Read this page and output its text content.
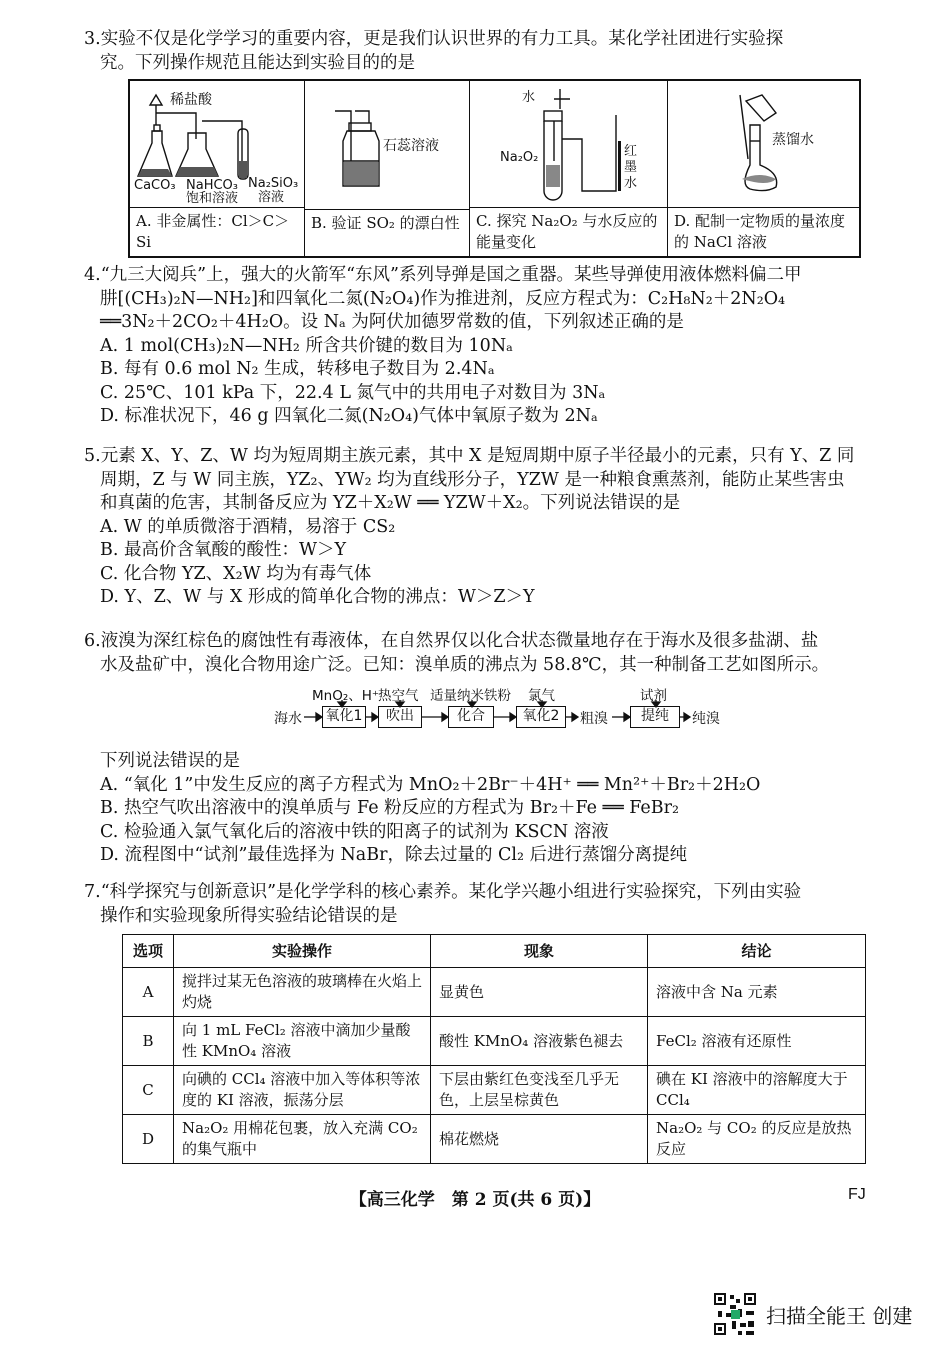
3.实验不仅是化学学习的重要内容，更是我们认识世界的有力工具。某化学社团进行实验探
究。下列操作规范且能达到实验目的的是
稀盐酸
CaCO₃ NaHCO₃
饱和溶液
Na₂SiO₃
溶液
A. 非金属性：Cl＞C＞Si
石蕊溶液
B. 验证 SO₂ 的漂白性
水
Na₂O₂	红
墨
水
C. 探究 Na₂O₂ 与水反应的能量变化
蒸馏水
D. 配制一定物质的量浓度的 NaCl 溶液
4.“九三大阅兵”上，强大的火箭军“东风”系列导弹是国之重器。某些导弹使用液体燃料偏二甲
肼[(CH₃)₂N—NH₂]和四氧化二氮(N₂O₄)作为推进剂，反应方程式为：C₂H₈N₂＋2N₂O₄
══3N₂＋2CO₂＋4H₂O。设 Nₐ 为阿伏加德罗常数的值，下列叙述正确的是
A. 1 mol(CH₃)₂N—NH₂ 所含共价键的数目为 10Nₐ
B. 每有 0.6 mol N₂ 生成，转移电子数目为 2.4Nₐ
C. 25℃、101 kPa 下，22.4 L 氮气中的共用电子对数目为 3Nₐ
D. 标准状况下，46 g 四氧化二氮(N₂O₄)气体中氧原子数为 2Nₐ
5.元素 X、Y、Z、W 均为短周期主族元素，其中 X 是短周期中原子半径最小的元素，只有 Y、Z 同
周期，Z 与 W 同主族，YZ₂、YW₂ 均为直线形分子，YZW 是一种粮食熏蒸剂，能防止某些害虫
和真菌的危害，其制备反应为 YZ＋X₂W ══ YZW＋X₂。下列说法错误的是
A. W 的单质微溶于酒精，易溶于 CS₂
B. 最高价含氧酸的酸性：W＞Y
C. 化合物 YZ、X₂W 均为有毒气体
D. Y、Z、W 与 X 形成的简单化合物的沸点：W＞Z＞Y
6.液溴为深红棕色的腐蚀性有毒液体，在自然界仅以化合状态微量地存在于海水及很多盐湖、盐
水及盐矿中，溴化合物用途广泛。已知：溴单质的沸点为 58.8℃，其一种制备工艺如图所示。
MnO₂、H⁺
热空气 适量纳米铁粉 氯气	试剂
海水 氧化1	吹出	化合	氧化2	粗溴	提纯	纯溴
下列说法错误的是
A. “氧化 1”中发生反应的离子方程式为 MnO₂＋2Br⁻＋4H⁺ ══ Mn²⁺＋Br₂＋2H₂O
B. 热空气吹出溶液中的溴单质与 Fe 粉反应的方程式为 Br₂＋Fe ══ FeBr₂
C. 检验通入氯气氧化后的溶液中铁的阳离子的试剂为 KSCN 溶液
D. 流程图中“试剂”最佳选择为 NaBr，除去过量的 Cl₂ 后进行蒸馏分离提纯
7.“科学探究与创新意识”是化学学科的核心素养。某化学兴趣小组进行实验探究，下列由实验
操作和实验现象所得实验结论错误的是
选项	实验操作	现象	结论
A	搅拌过某无色溶液的玻璃棒在火焰上灼烧	显黄色	溶液中含 Na 元素
B	向 1 mL FeCl₂ 溶液中滴加少量酸性 KMnO₄ 溶液	酸性 KMnO₄ 溶液紫色褪去	FeCl₂ 溶液有还原性
C	向碘的 CCl₄ 溶液中加入等体积等浓度的 KI 溶液，振荡分层	下层由紫红色变浅至几乎无色，上层呈棕黄色	碘在 KI 溶液中的溶解度大于 CCl₄
D	Na₂O₂ 用棉花包裹，放入充满 CO₂ 的集气瓶中	棉花燃烧	Na₂O₂ 与 CO₂ 的反应是放热反应
【高三化学　第 2 页(共 6 页)】	FJ
扫描全能王 创建
